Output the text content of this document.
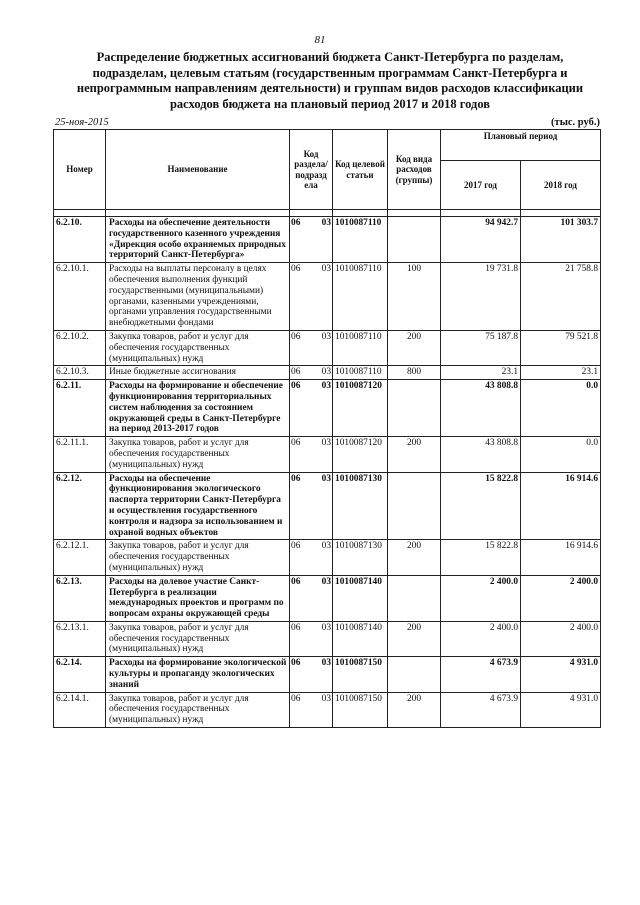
81
Распределение бюджетных ассигнований бюджета Санкт-Петербурга по разделам, подразделам, целевым статьям (государственным программам Санкт-Петербурга и непрограммным направлениям деятельности) и группам видов расходов классификации расходов бюджета на плановый период 2017 и 2018 годов
25-ноя-2015	(тыс. руб.)
Номер	Наименование	Код раздела/ подразд ела	Код целевой статьи	Код вида расходов (группы)	Плановый период	
					2017 год	2018 год

6.2.10.	Расходы на обеспечение деятельности государственного казенного учреждения «Дирекция особо охраняемых природных территорий Санкт-Петербурга»	06 03	1010087110		94 942.7	101 303.7
6.2.10.1.	Расходы на выплаты персоналу в целях обеспечения выполнения функций государственными (муниципальными) органами, казенными учреждениями, органами управления государственными внебюджетными фондами	06 03	1010087110	100	19 731.8	21 758.8
6.2.10.2.	Закупка товаров, работ и услуг для обеспечения государственных (муниципальных) нужд	06 03	1010087110	200	75 187.8	79 521.8
6.2.10.3.	Иные бюджетные ассигнования	06 03	1010087110	800	23.1	23.1
6.2.11.	Расходы на формирование и обеспечение функционирования территориальных систем наблюдения за состоянием окружающей среды в Санкт-Петербурге на период 2013-2017 годов	06 03	1010087120		43 808.8	0.0
6.2.11.1.	Закупка товаров, работ и услуг для обеспечения государственных (муниципальных) нужд	06 03	1010087120	200	43 808.8	0.0
6.2.12.	Расходы на обеспечение функционирования экологического паспорта территории Санкт-Петербурга и осуществления государственного контроля и надзора за использованием и охраной водных объектов	06 03	1010087130		15 822.8	16 914.6
6.2.12.1.	Закупка товаров, работ и услуг для обеспечения государственных (муниципальных) нужд	06 03	1010087130	200	15 822.8	16 914.6
6.2.13.	Расходы на долевое участие Санкт-Петербурга в реализации международных проектов и программ по вопросам охраны окружающей среды	06 03	1010087140		2 400.0	2 400.0
6.2.13.1.	Закупка товаров, работ и услуг для обеспечения государственных (муниципальных) нужд	06 03	1010087140	200	2 400.0	2 400.0
6.2.14.	Расходы на формирование экологической культуры и пропаганду экологических знаний	06 03	1010087150		4 673.9	4 931.0
6.2.14.1.	Закупка товаров, работ и услуг для обеспечения государственных (муниципальных) нужд	06 03	1010087150	200	4 673.9	4 931.0
